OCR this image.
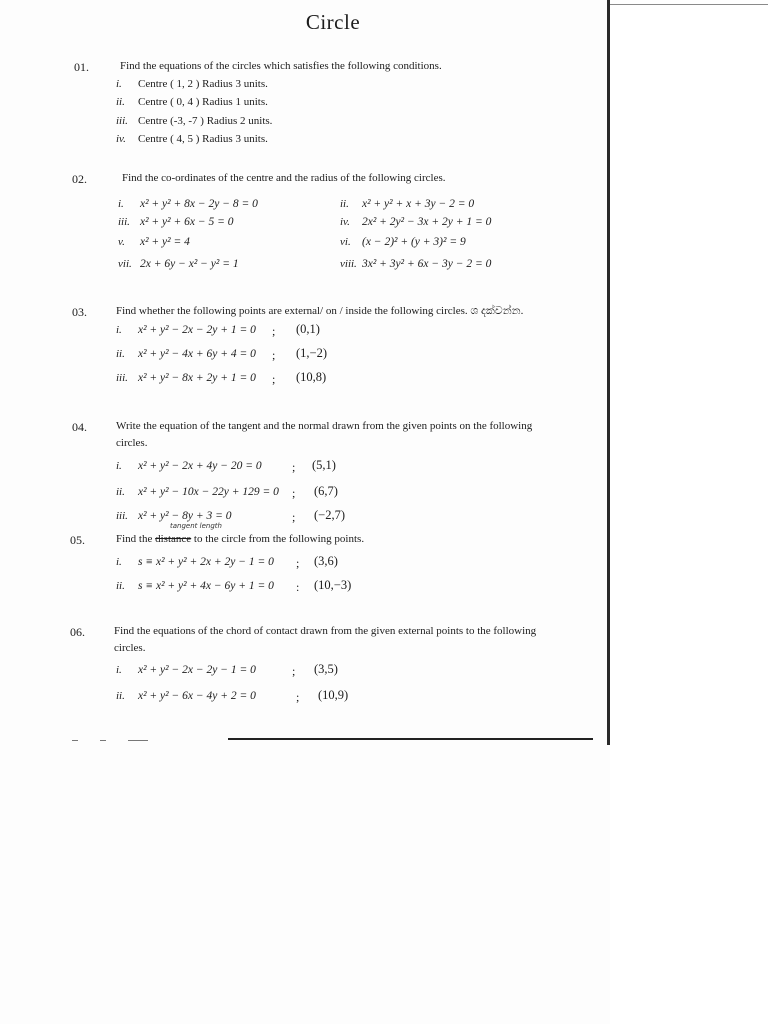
Circle
01.	Find the equations of the circles which satisfies the following conditions.
i. Centre ( 1, 2 ) Radius 3 units.
ii. Centre ( 0, 4 ) Radius 1 units.
iii. Centre (-3, -7 ) Radius 2 units.
iv. Centre ( 4, 5 ) Radius 3 units.
02.	Find the co-ordinates of the centre and the radius of the following circles.
i. x² + y² + 8x − 2y − 8 = 0	ii. x² + y² + x + 3y − 2 = 0
iii. x² + y² + 6x − 5 = 0	iv. 2x² + 2y² − 3x + 2y + 1 = 0
v. x² + y² = 4	vi. (x − 2)² + (y + 3)² = 9
vii. 2x + 6y − x² − y² = 1	viii. 3x² + 3y² + 6x − 3y − 2 = 0
03.	Find whether the following points are external/ on / inside the following circles. ශ දක්වන්න.
i. x² + y² − 2x − 2y + 1 = 0 ; (0,1)
ii. x² + y² − 4x + 6y + 4 = 0 ; (1,−2)
iii. x² + y² − 8x + 2y + 1 = 0 ; (10,8)
04.	Write the equation of the tangent and the normal drawn from the given points on the following
circles.
i. x² + y² − 2x + 4y − 20 = 0	; (5,1)
ii. x² + y² − 10x − 22y + 129 = 0 ; (6,7)
iii. x² + y² − 8y + 3 = 0	; (−2,7)
05.
tangent length
Find the distance to the circle from the following points.
i. s ≡ x² + y² + 2x + 2y − 1 = 0 ; (3,6)
ii. s ≡ x² + y² + 4x − 6y + 1 = 0 : (10,−3)
06.	Find the equations of the chord of contact drawn from the given external points to the following
circles.
i. x² + y² − 2x − 2y − 1 = 0	; (3,5)
ii. x² + y² − 6x − 4y + 2 = 0	; (10,9)
